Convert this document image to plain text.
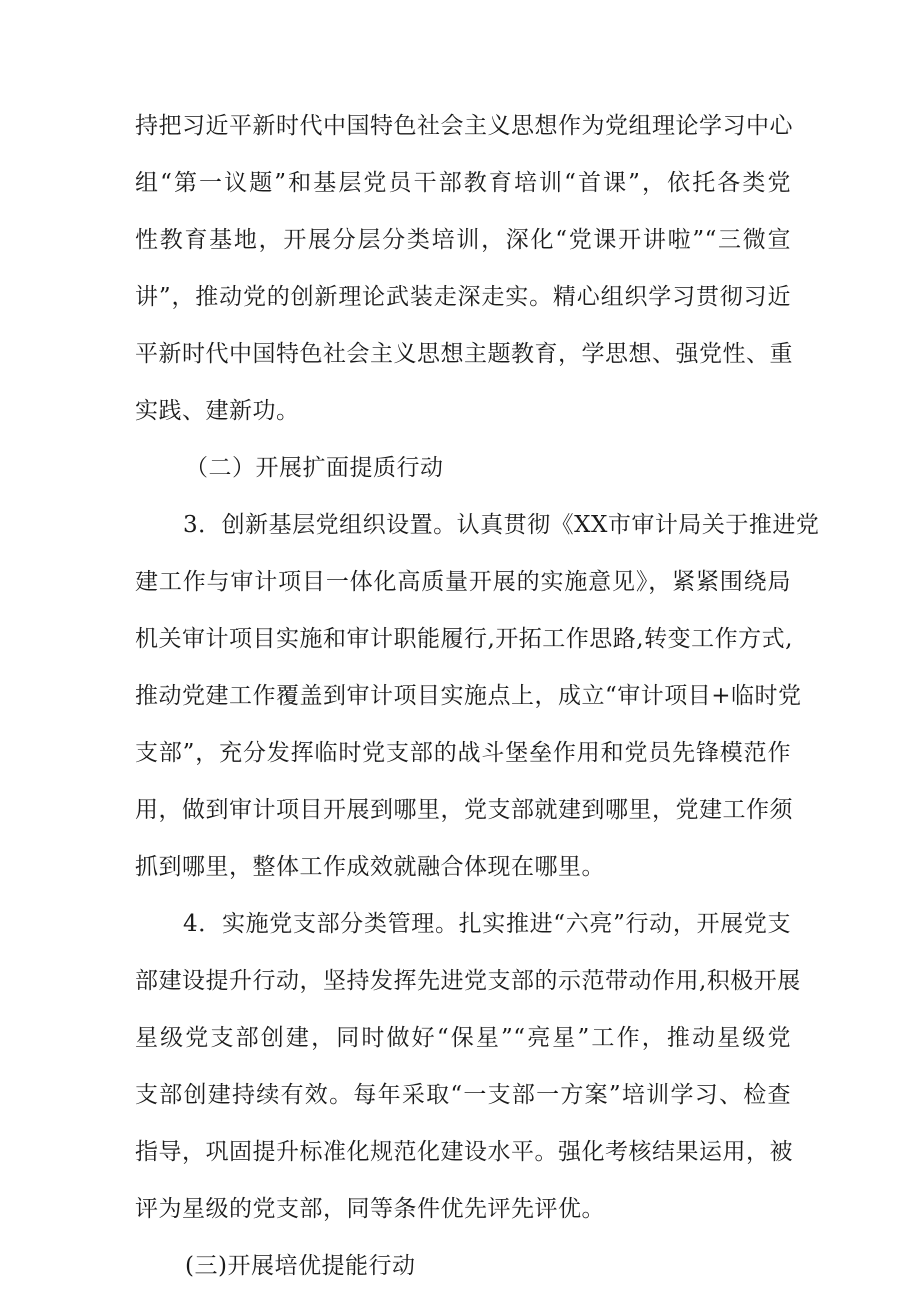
持把习近平新时代中国特色社会主义思想作为党组理论学习中心
组“第一议题”和基层党员干部教育培训“首课”，依托各类党
性教育基地，开展分层分类培训，深化“党课开讲啦”“三微宣
讲”，推动党的创新理论武装走深走实。精心组织学习贯彻习近
平新时代中国特色社会主义思想主题教育，学思想、强党性、重
实践、建新功。
（二）开展扩面提质行动
3．创新基层党组织设置。认真贯彻《XX市审计局关于推进党
建工作与审计项目一体化高质量开展的实施意见》，紧紧围绕局
机关审计项目实施和审计职能履行,开拓工作思路,转变工作方式,
推动党建工作覆盖到审计项目实施点上，成立“审计项目+临时党
支部”，充分发挥临时党支部的战斗堡垒作用和党员先锋模范作
用，做到审计项目开展到哪里，党支部就建到哪里，党建工作须
抓到哪里，整体工作成效就融合体现在哪里。
4．实施党支部分类管理。扎实推进“六亮”行动，开展党支
部建设提升行动，坚持发挥先进党支部的示范带动作用,积极开展
星级党支部创建，同时做好“保星”“亮星”工作，推动星级党
支部创建持续有效。每年采取“一支部一方案”培训学习、检查
指导，巩固提升标准化规范化建设水平。强化考核结果运用，被
评为星级的党支部，同等条件优先评先评优。
(三)开展培优提能行动
